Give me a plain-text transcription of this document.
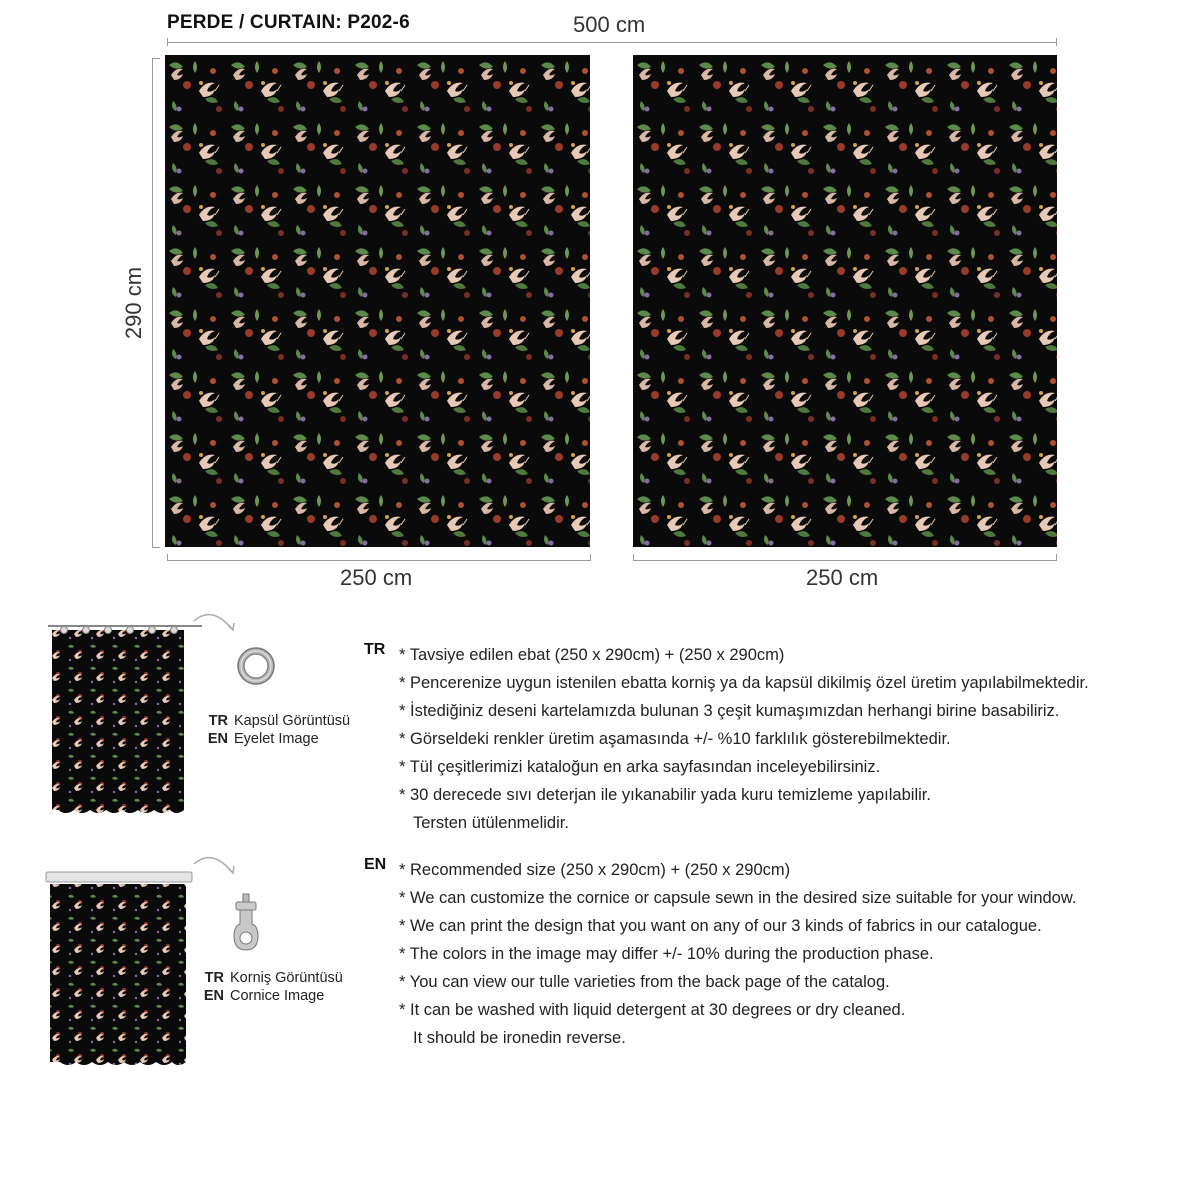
PERDE / CURTAIN: P202-6	500 cm
290 cm
250 cm	250 cm
TR Kapsül Görüntüsü
EN Eyelet Image
TR Korniş Görüntüsü
EN Cornice Image
TR * Tavsiye edilen ebat (250 x 290cm) + (250 x 290cm)
* Pencerenize uygun istenilen ebatta korniş ya da kapsül dikilmiş özel üretim yapılabilmektedir.
* İstediğiniz deseni kartelamızda bulunan 3 çeşit kumaşımızdan herhangi birine basabiliriz.
* Görseldeki renkler üretim aşamasında +/- %10 farklılık gösterebilmektedir.
* Tül çeşitlerimizi kataloğun en arka sayfasından inceleyebilirsiniz.
* 30 derecede sıvı deterjan ile yıkanabilir yada kuru temizleme yapılabilir.
Tersten ütülenmelidir.
EN * Recommended size (250 x 290cm) + (250 x 290cm)
* We can customize the cornice or capsule sewn in the desired size suitable for your window.
* We can print the design that you want on any of our 3 kinds of fabrics in our catalogue.
* The colors in the image may differ +/- 10% during the production phase.
* You can view our tulle varieties from the back page of the catalog.
* It can be washed with liquid detergent at 30 degrees or dry cleaned.
It should be ironedin reverse.
